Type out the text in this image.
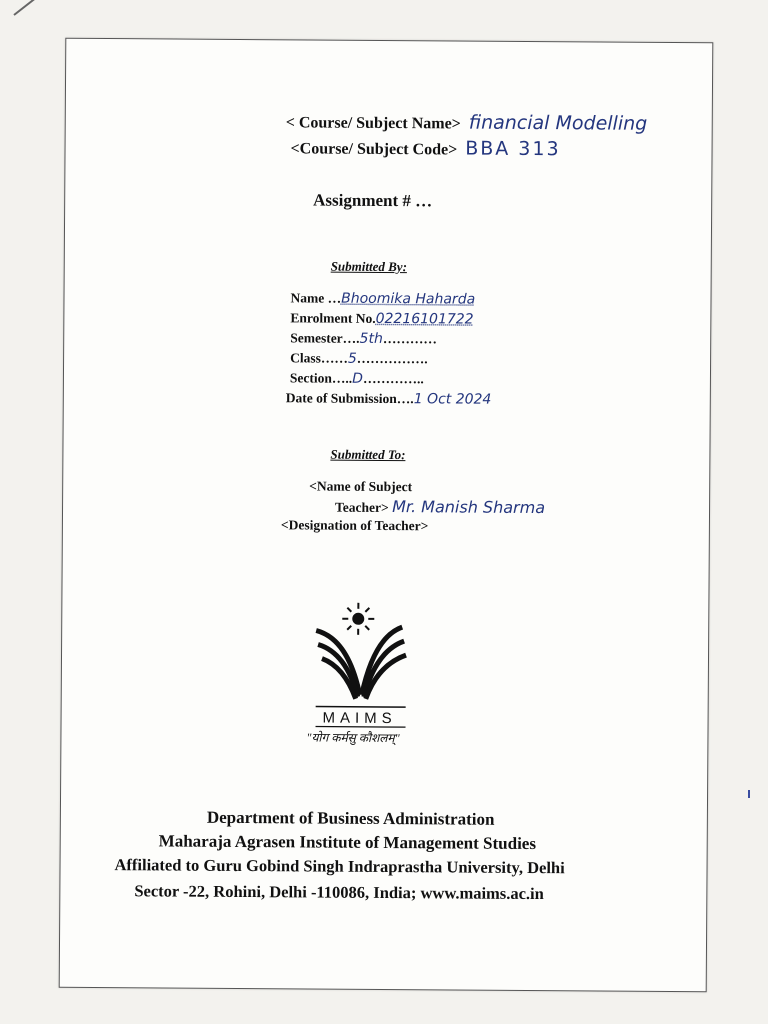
< Course/ Subject Name> financial Modelling
<Course/ Subject Code> BBA 313
Assignment # …
Submitted By:
Name …Bhoomika Haharda
Enrolment No.02216101722
Semester….5th…………
Class……5…………….
Section…..D…………..
Date of Submission….1 Oct 2024
Submitted To:
<Name of Subject
Teacher> Mr. Manish Sharma
<Designation of Teacher>
MAIMS
"योग कर्मसु कौशलम्"
Department of Business Administration
Maharaja Agrasen Institute of Management Studies
Affiliated to Guru Gobind Singh Indraprastha University, Delhi
Sector -22, Rohini, Delhi -110086, India; www.maims.ac.in
